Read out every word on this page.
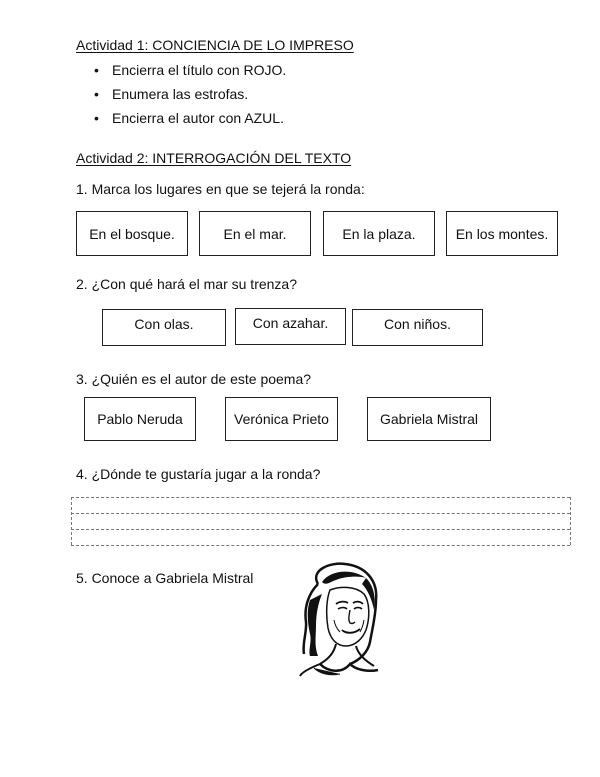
Actividad 1: CONCIENCIA DE LO IMPRESO
• Encierra el título con ROJO.
• Enumera las estrofas.
• Encierra el autor con AZUL.
Actividad 2: INTERROGACIÓN DEL TEXTO
1. Marca los lugares en que se tejerá la ronda:
En el bosque.	En el mar.	En la plaza.	En los montes.
2. ¿Con qué hará el mar su trenza?
Con olas.	Con azahar.	Con niños.
3. ¿Quién es el autor de este poema?
Pablo Neruda	Verónica Prieto	Gabriela Mistral
4. ¿Dónde te gustaría jugar a la ronda?
5. Conoce a Gabriela Mistral
